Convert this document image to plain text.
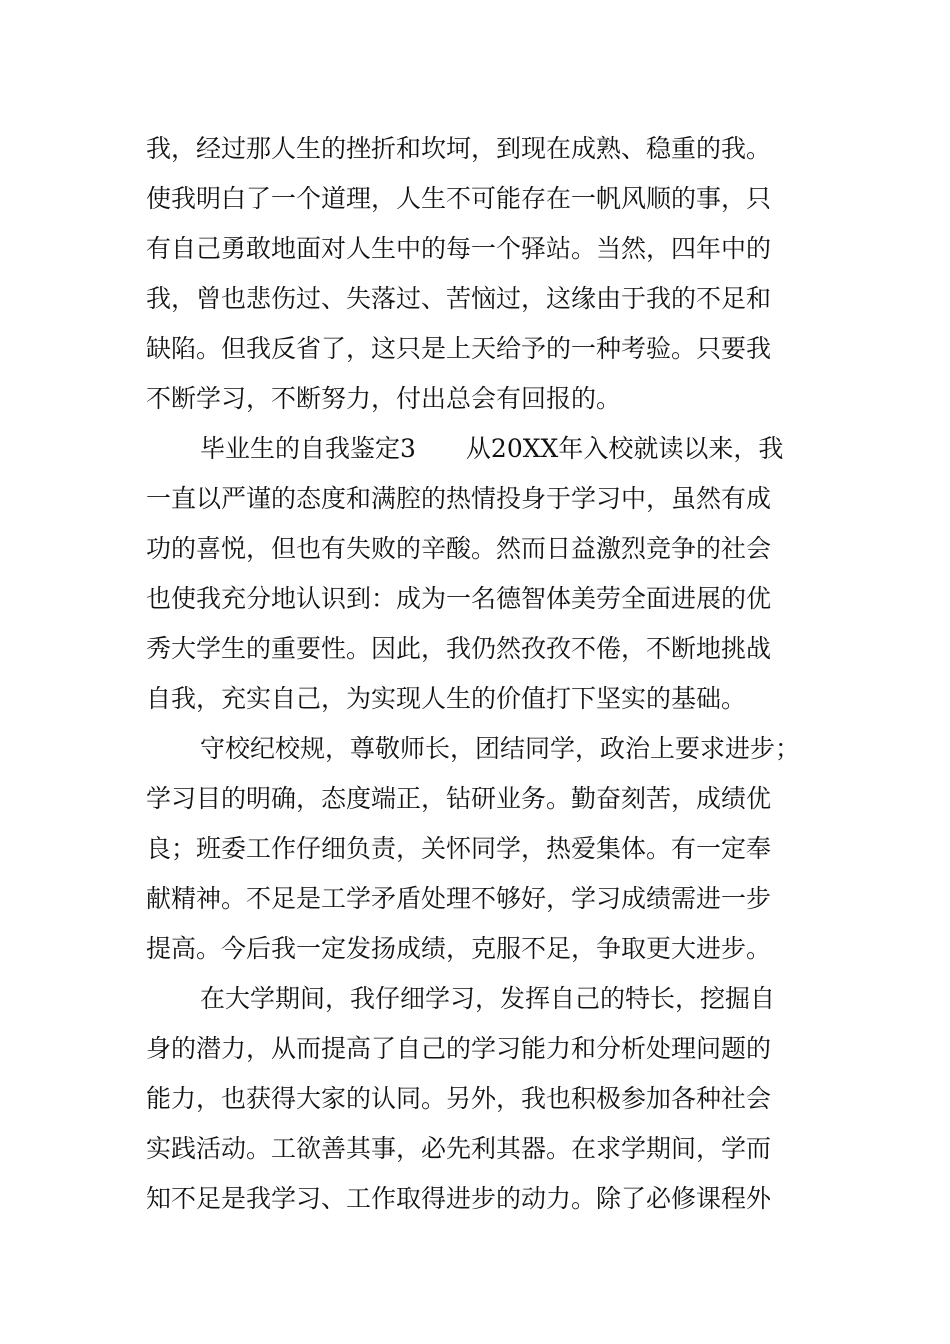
我，经过那人生的挫折和坎坷，到现在成熟、稳重的我。
使我明白了一个道理，人生不可能存在一帆风顺的事，只
有自己勇敢地面对人生中的每一个驿站。当然，四年中的
我，曾也悲伤过、失落过、苦恼过，这缘由于我的不足和
缺陷。但我反省了，这只是上天给予的一种考验。只要我
不断学习，不断努力，付出总会有回报的。
毕业生的自我鉴定3　　从20XX年入校就读以来，我
一直以严谨的态度和满腔的热情投身于学习中，虽然有成
功的喜悦，但也有失败的辛酸。然而日益激烈竞争的社会
也使我充分地认识到：成为一名德智体美劳全面进展的优
秀大学生的重要性。因此，我仍然孜孜不倦，不断地挑战
自我，充实自己，为实现人生的价值打下坚实的基础。
守校纪校规，尊敬师长，团结同学，政治上要求进步；
学习目的明确，态度端正，钻研业务。勤奋刻苦，成绩优
良；班委工作仔细负责，关怀同学，热爱集体。有一定奉
献精神。不足是工学矛盾处理不够好，学习成绩需进一步
提高。今后我一定发扬成绩，克服不足，争取更大进步。
在大学期间，我仔细学习，发挥自己的特长，挖掘自
身的潜力，从而提高了自己的学习能力和分析处理问题的
能力，也获得大家的认同。另外，我也积极参加各种社会
实践活动。工欲善其事，必先利其器。在求学期间，学而
知不足是我学习、工作取得进步的动力。除了必修课程外
